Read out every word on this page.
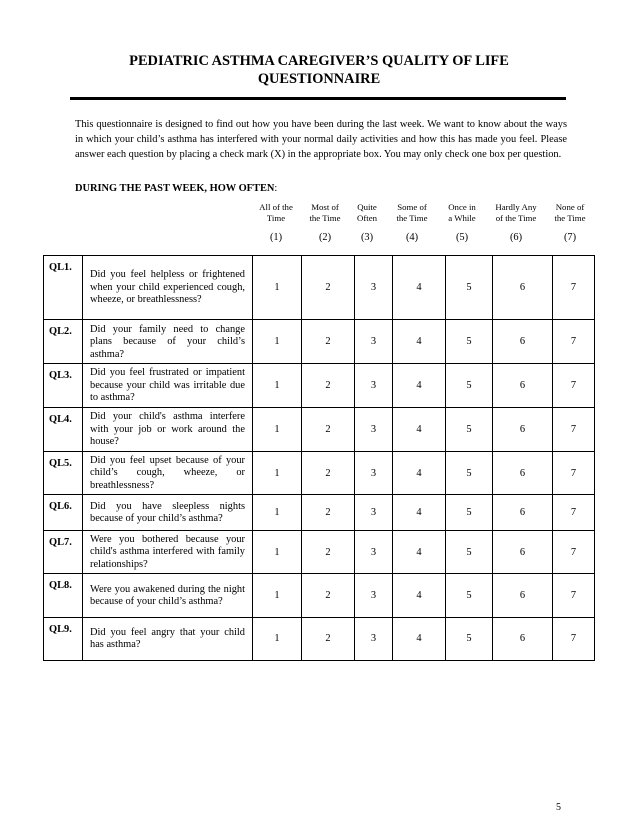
PEDIATRIC ASTHMA CAREGIVER’S QUALITY OF LIFE
QUESTIONNAIRE
This questionnaire is designed to find out how you have been during the last week. We want to know about the ways in which your child’s asthma has interfered with your normal daily activities and how this has made you feel. Please answer each question by placing a check mark (X) in the appropriate box. You may only check one box per question.
DURING THE PAST WEEK, HOW OFTEN:
All of the
Time
(1)
Most of
the Time
(2)
Quite
Often
(3)
Some of
the Time
(4)
Once in
a While
(5)
Hardly Any
of the Time
(6)
None of
the Time
(7)
QL1.	Did you feel helpless or frightened when your child experienced cough, wheeze, or breathlessness?	1	2	3	4	5	6	7
QL2.	Did your family need to change plans because of your child’s asthma?	1	2	3	4	5	6	7
QL3.	Did you feel frustrated or impatient because your child was irritable due to asthma?	1	2	3	4	5	6	7
QL4.	Did your child's asthma interfere with your job or work around the house?	1	2	3	4	5	6	7
QL5.	Did you feel upset because of your child’s cough, wheeze, or breathlessness?	1	2	3	4	5	6	7
QL6.	Did you have sleepless nights because of your child’s asthma?	1	2	3	4	5	6	7
QL7.	Were you bothered because your child's asthma interfered with family relationships?	1	2	3	4	5	6	7
QL8.	Were you awakened during the night because of your child’s asthma?	1	2	3	4	5	6	7
QL9.	Did you feel angry that your child has asthma?	1	2	3	4	5	6	7
5
